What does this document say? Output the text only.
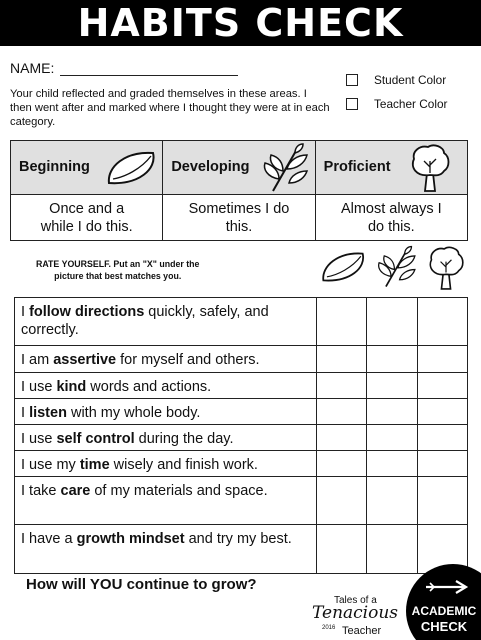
HABITS CHECK
NAME:
Your child reflected and graded themselves in these areas. I then went after and marked where I thought they were at in each category.
Student Color
Teacher Color
Beginning	Developing	Proficient
Once and a
while I do this.
Sometimes I do
this.
Almost always I
do this.
RATE YOURSELF. Put an "X" under the
picture that best matches you.
I follow directions quickly, safely, and correctly.
I am assertive for myself and others.
I use kind words and actions.
I listen with my whole body.
I use self control during the day.
I use my time wisely and finish work.
I take care of my materials and space.
I have a growth mindset and try my best.
How will YOU continue to grow?
Tales of a
Tenacious
2016 Teacher
ACADEMIC
CHECK
